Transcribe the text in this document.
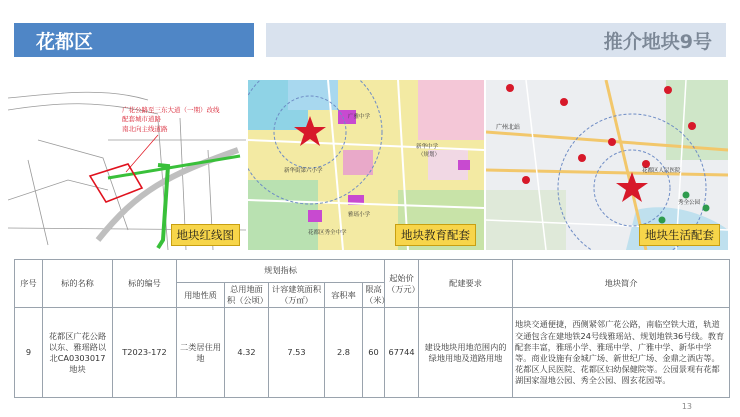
花都区	推介地块9号
广花公路至三东大道（一期）改线
配套城市道路
南北向主线道路
地块红线图
广雅中学
新华中学
（规划）
雅瑶小学
新华街第六小学
花都区秀全中学	地块教育配套
广州北站
花都区人民医院
秀全公园
地块生活配套
序号	标的名称	标的编号	规划指标					起始价（万元）	配建要求	地块简介
			用地性质	总用地面积（公顷）	计容建筑面积（万㎡）	容积率	限高（米）			
9	花都区广花公路以东、雅瑶路以北CA0303017 地块	T2023-172	二类居住用地	4.32	7.53	2.8	60	67744	建设地块用地范围内的绿地用地及道路用地	地块交通便捷，西侧紧邻广花公路，南临空铁大道，轨道交通包含在建地铁24号线雅瑶站、规划地铁36号线。教育配套丰富，雅瑶小学、雅瑶中学、广雅中学、新华中学等。商业设施有金城广场、新世纪广场、金鼎之酒店等。花都区人民医院、花都区妇幼保健院等。公园景观有花都湖国家湿地公园、秀全公园、圆玄花园等。
13
